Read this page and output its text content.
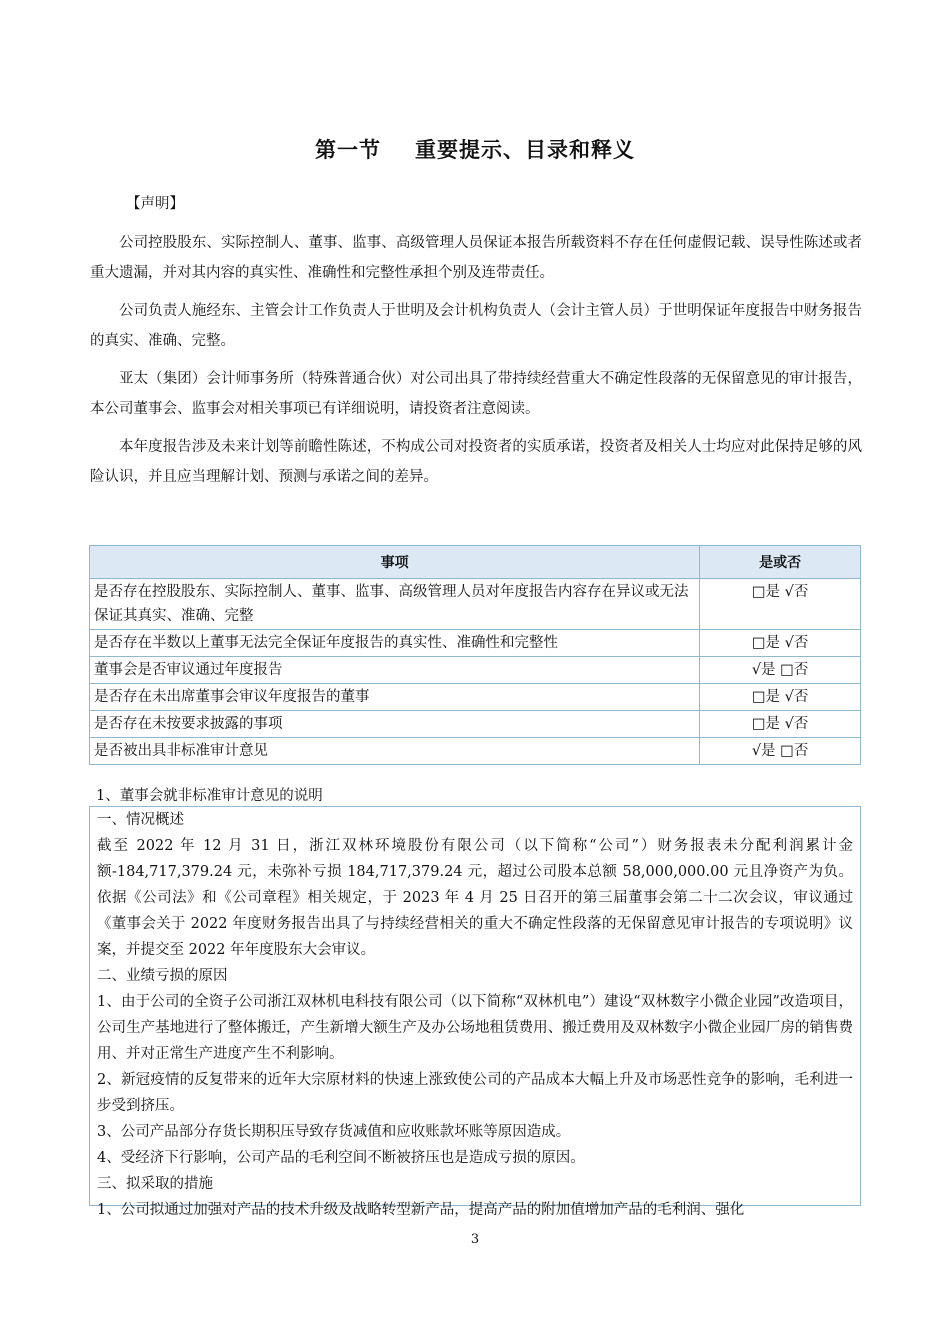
第一节 重要提示、目录和释义
【声明】

公司控股股东、实际控制人、董事、监事、高级管理人员保证本报告所载资料不存在任何虚假记载、误导性陈述或者重大遗漏，并对其内容的真实性、准确性和完整性承担个别及连带责任。

公司负责人施经东、主管会计工作负责人于世明及会计机构负责人（会计主管人员）于世明保证年度报告中财务报告的真实、准确、完整。

亚太（集团）会计师事务所（特殊普通合伙）对公司出具了带持续经营重大不确定性段落的无保留意见的审计报告，本公司董事会、监事会对相关事项已有详细说明，请投资者注意阅读。

本年度报告涉及未来计划等前瞻性陈述，不构成公司对投资者的实质承诺，投资者及相关人士均应对此保持足够的风险认识，并且应当理解计划、预测与承诺之间的差异。

事项	是或否
是否存在控股股东、实际控制人、董事、监事、高级管理人员对年度报告内容存在异议或无法保证其真实、准确、完整	□是 √否
是否存在半数以上董事无法完全保证年度报告的真实性、准确性和完整性	□是 √否
董事会是否审议通过年度报告	√是 □否
是否存在未出席董事会审议年度报告的董事	□是 √否
是否存在未按要求披露的事项	□是 √否
是否被出具非标准审计意见	√是 □否
1、董事会就非标准审计意见的说明

一、情况概述

截至 2022 年 12 月 31 日，浙江双林环境股份有限公司（以下简称“公司”）财务报表未分配利润累计金额-184,717,379.24 元，未弥补亏损 184,717,379.24 元，超过公司股本总额 58,000,000.00 元且净资产为负。依据《公司法》和《公司章程》相关规定，于 2023 年 4 月 25 日召开的第三届董事会第二十二次会议，审议通过《董事会关于 2022 年度财务报告出具了与持续经营相关的重大不确定性段落的无保留意见审计报告的专项说明》议案，并提交至 2022 年年度股东大会审议。

二、业绩亏损的原因

1、由于公司的全资子公司浙江双林机电科技有限公司（以下简称“双林机电”）建设“双林数字小微企业园”改造项目，公司生产基地进行了整体搬迁，产生新增大额生产及办公场地租赁费用、搬迁费用及双林数字小微企业园厂房的销售费用、并对正常生产进度产生不利影响。

2、新冠疫情的反复带来的近年大宗原材料的快速上涨致使公司的产品成本大幅上升及市场恶性竞争的影响，毛利进一步受到挤压。

3、公司产品部分存货长期积压导致存货减值和应收账款坏账等原因造成。

4、受经济下行影响，公司产品的毛利空间不断被挤压也是造成亏损的原因。

三、拟采取的措施

1、公司拟通过加强对产品的技术升级及战略转型新产品，提高产品的附加值增加产品的毛利润、强化

3
